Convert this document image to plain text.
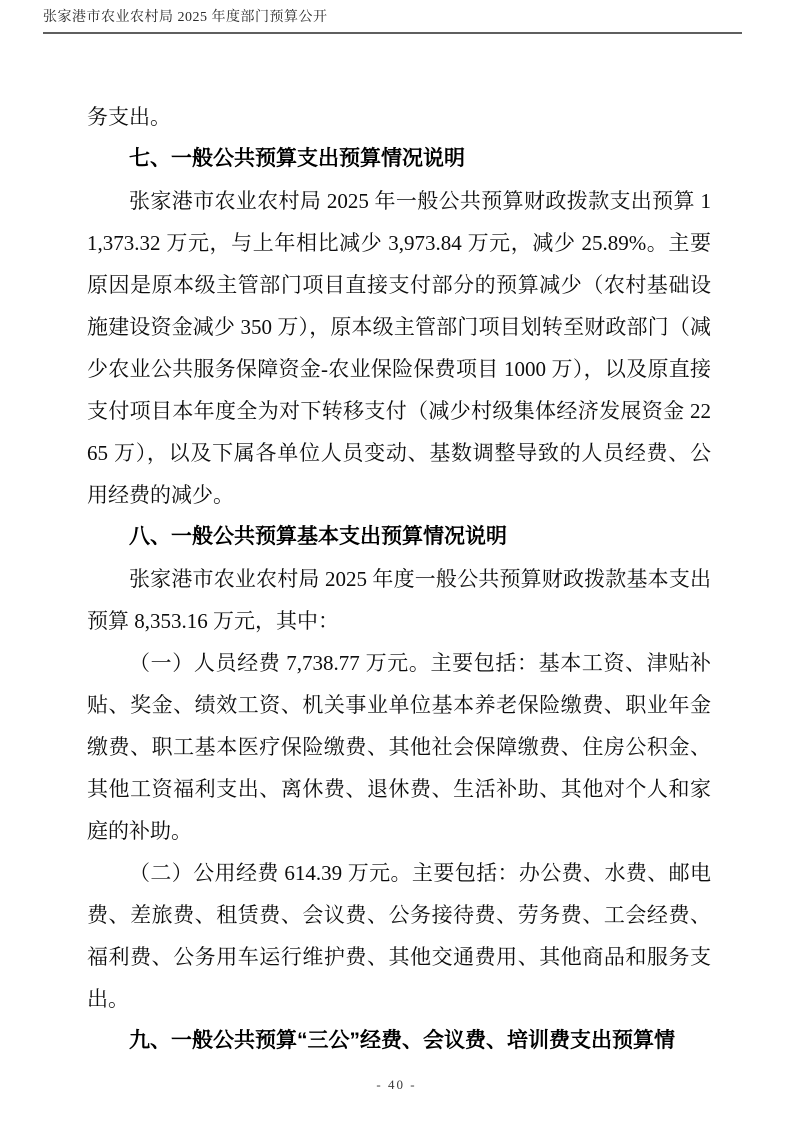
张家港市农业农村局 2025 年度部门预算公开

务支出。

七、一般公共预算支出预算情况说明

张家港市农业农村局 2025 年一般公共预算财政拨款支出预算 11,373.32 万元，与上年相比减少 3,973.84 万元，减少 25.89%。主要原因是原本级主管部门项目直接支付部分的预算减少（农村基础设施建设资金减少 350 万），原本级主管部门项目划转至财政部门（减少农业公共服务保障资金-农业保险保费项目 1000 万），以及原直接支付项目本年度全为对下转移支付（减少村级集体经济发展资金 2265 万），以及下属各单位人员变动、基数调整导致的人员经费、公用经费的减少。

八、一般公共预算基本支出预算情况说明

张家港市农业农村局 2025 年度一般公共预算财政拨款基本支出预算 8,353.16 万元，其中：

（一）人员经费 7,738.77 万元。主要包括：基本工资、津贴补贴、奖金、绩效工资、机关事业单位基本养老保险缴费、职业年金缴费、职工基本医疗保险缴费、其他社会保障缴费、住房公积金、其他工资福利支出、离休费、退休费、生活补助、其他对个人和家庭的补助。

（二）公用经费 614.39 万元。主要包括：办公费、水费、邮电费、差旅费、租赁费、会议费、公务接待费、劳务费、工会经费、福利费、公务用车运行维护费、其他交通费用、其他商品和服务支出。

九、一般公共预算“三公”经费、会议费、培训费支出预算情
- 40 -
